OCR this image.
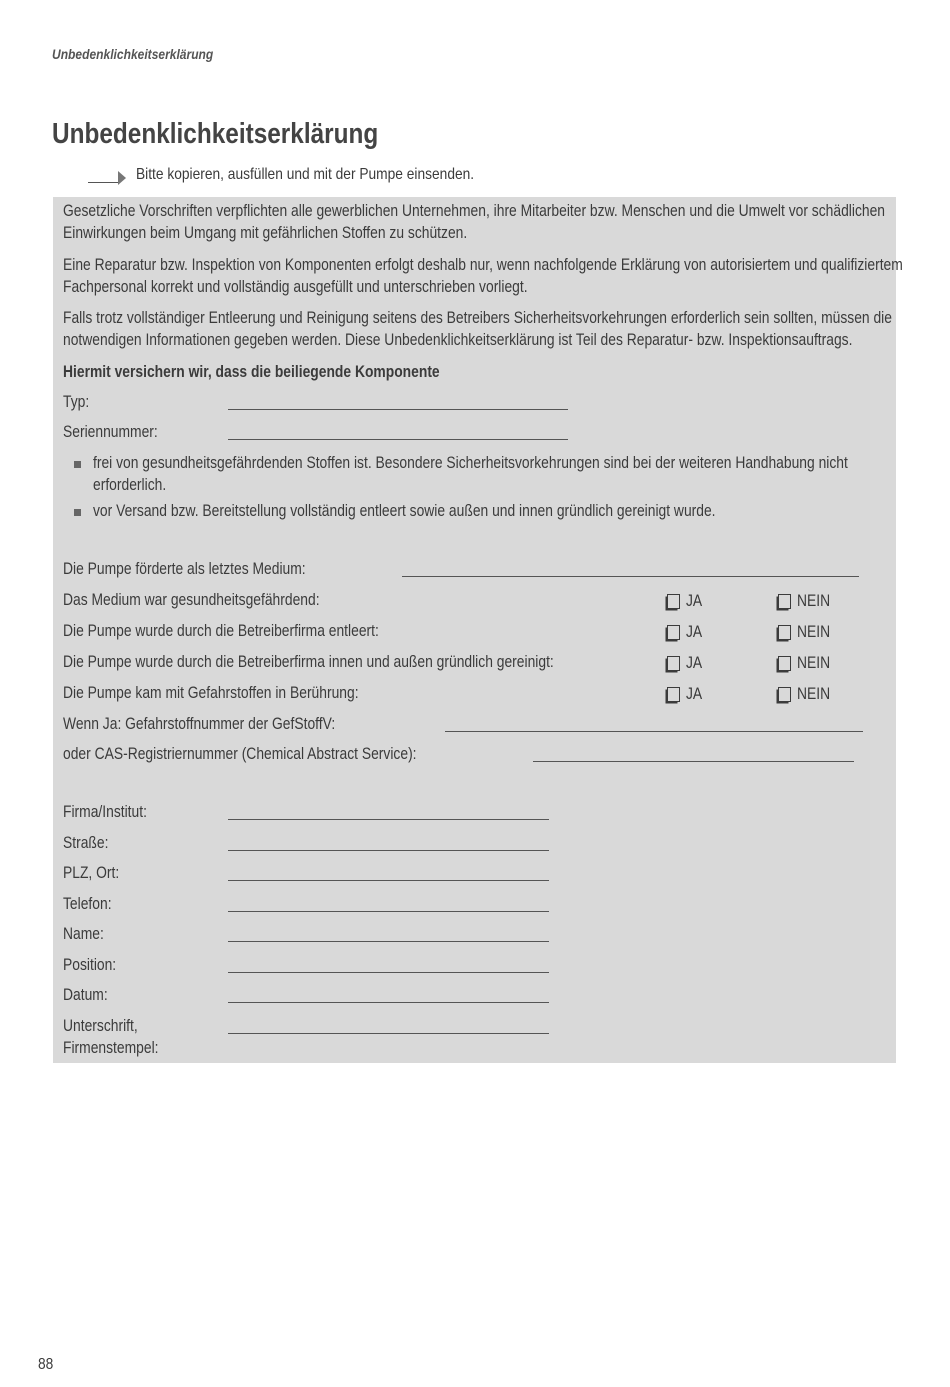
Unbedenklichkeitserklärung
Unbedenklichkeitserklärung
Bitte kopieren, ausfüllen und mit der Pumpe einsenden.
Gesetzliche Vorschriften verpflichten alle gewerblichen Unternehmen, ihre Mitarbeiter bzw. Menschen und die Umwelt vor schädlichen
Einwirkungen beim Umgang mit gefährlichen Stoffen zu schützen.
Eine Reparatur bzw. Inspektion von Komponenten erfolgt deshalb nur, wenn nachfolgende Erklärung von autorisiertem und qualifiziertem
Fachpersonal korrekt und vollständig ausgefüllt und unterschrieben vorliegt.
Falls trotz vollständiger Entleerung und Reinigung seitens des Betreibers Sicherheitsvorkehrungen erforderlich sein sollten, müssen die
notwendigen Informationen gegeben werden. Diese Unbedenklichkeitserklärung ist Teil des Reparatur- bzw. Inspektionsauftrags.
Hiermit versichern wir, dass die beiliegende Komponente
Typ:
Seriennummer:
frei von gesundheitsgefährdenden Stoffen ist. Besondere Sicherheitsvorkehrungen sind bei der weiteren Handhabung nicht
erforderlich.
vor Versand bzw. Bereitstellung vollständig entleert sowie außen und innen gründlich gereinigt wurde.
Die Pumpe förderte als letztes Medium:
Das Medium war gesundheitsgefährdend:	JA	NEIN
Die Pumpe wurde durch die Betreiberfirma entleert:	JA	NEIN
Die Pumpe wurde durch die Betreiberfirma innen und außen gründlich gereinigt:	JA	NEIN
Die Pumpe kam mit Gefahrstoffen in Berührung:	JA	NEIN
Wenn Ja: Gefahrstoffnummer der GefStoffV:
oder CAS-Registriernummer (Chemical Abstract Service):
Firma/Institut:
Straße:
PLZ, Ort:
Telefon:
Name:
Position:
Datum:
Unterschrift,
Firmenstempel:
88
